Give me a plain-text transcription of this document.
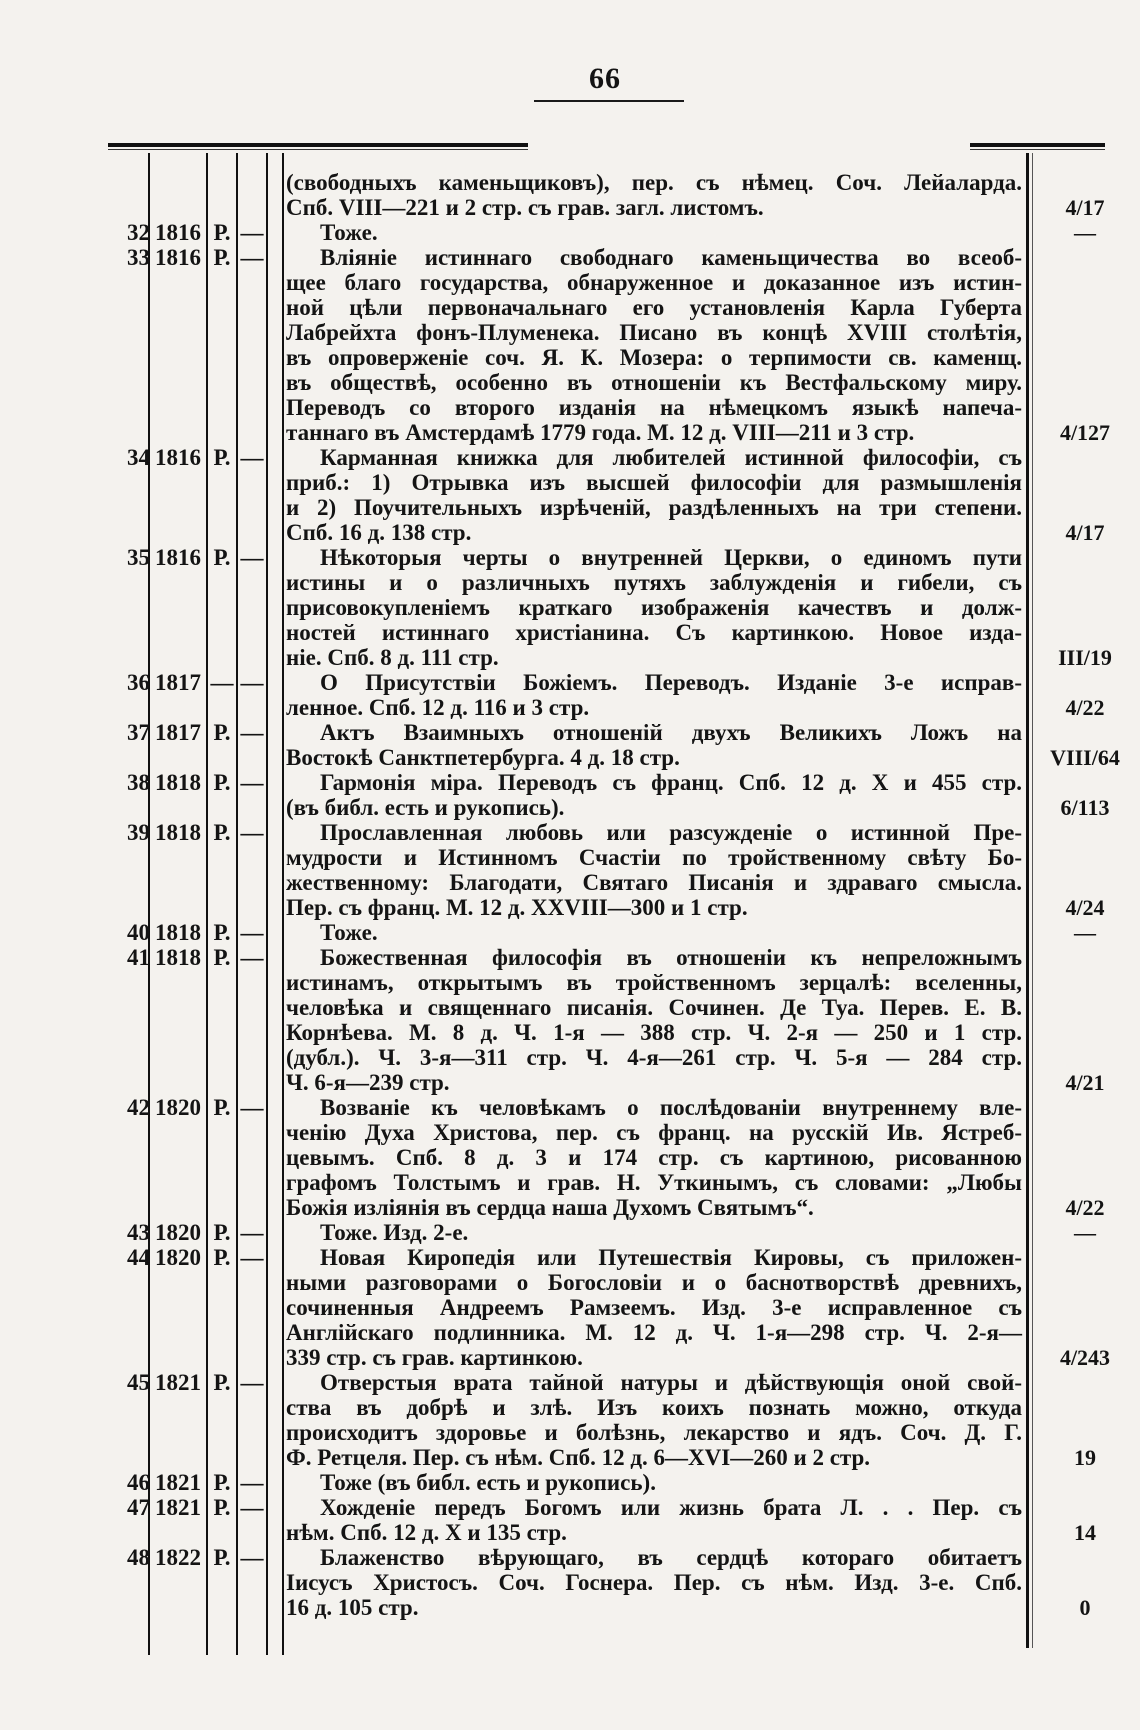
66
(свободныхъ каменьщиковъ), пер. съ нѣмец. Соч. Лейаларда.
Спб. VIII—221 и 2 стр. съ грав. загл. листомъ.	4/17
32 1816 Р. —	Тоже.	—
33 1816 Р. —	Вліяніе истиннаго свободнаго каменьщичества во всеоб-
щее благо государства, обнаруженное и доказанное изъ истин-
ной цѣли первоначальнаго его установленія Карла Губерта
Лабрейхта фонъ-Плуменека. Писано въ концѣ XVIII столѣтія,
въ опроверженіе соч. Я. К. Мозера: о терпимости св. каменщ.
въ обществѣ, особенно въ отношеніи къ Вестфальскому миру.
Переводъ со второго изданія на нѣмецкомъ языкѣ напеча-
таннаго въ Амстердамѣ 1779 года. М. 12 д. VIII—211 и 3 стр.	4/127
34 1816 Р. —	Карманная книжка для любителей истинной философіи, съ
приб.: 1) Отрывка изъ высшей философіи для размышленія
и 2) Поучительныхъ изрѣченій, раздѣленныхъ на три степени.
Спб. 16 д. 138 стр.	4/17
35 1816 Р. —	Нѣкоторыя черты о внутренней Церкви, о единомъ пути
истины и о различныхъ путяхъ заблужденія и гибели, съ
присовокупленіемъ краткаго изображенія качествъ и долж-
ностей истиннаго христіанина. Съ картинкою. Новое изда-
ніе. Спб. 8 д. 111 стр.	III/19
36 1817 — —	О Присутствіи Божіемъ. Переводъ. Изданіе 3-е исправ-
ленное. Спб. 12 д. 116 и 3 стр.	4/22
37 1817 Р. —	Актъ Взаимныхъ отношеній двухъ Великихъ Ложъ на
Востокѣ Санктпетербурга. 4 д. 18 стр.	VIII/64
38 1818 Р. —	Гармонія міра. Переводъ съ франц. Спб. 12 д. X и 455 стр.
(въ библ. есть и рукопись).	6/113
39 1818 Р. —	Прославленная любовь или разсужденіе о истинной Пре-
мудрости и Истинномъ Счастіи по тройственному свѣту Бо-
жественному: Благодати, Святаго Писанія и здраваго смысла.
Пер. съ франц. М. 12 д. XXVIII—300 и 1 стр.	4/24
40 1818 Р. —	Тоже.	—
41 1818 Р. —	Божественная философія въ отношеніи къ непреложнымъ
истинамъ, открытымъ въ тройственномъ зерцалѣ: вселенны,
человѣка и священнаго писанія. Сочинен. Де Туа. Перев. Е. В.
Корнѣева. М. 8 д. Ч. 1-я — 388 стр. Ч. 2-я — 250 и 1 стр.
(дубл.). Ч. 3-я—311 стр. Ч. 4-я—261 стр. Ч. 5-я — 284 стр.
Ч. 6-я—239 стр.	4/21
42 1820 Р. —	Возваніе къ человѣкамъ о послѣдованіи внутреннему вле-
ченію Духа Христова, пер. съ франц. на русскій Ив. Ястреб-
цевымъ. Спб. 8 д. 3 и 174 стр. съ картиною, рисованною
графомъ Толстымъ и грав. Н. Уткинымъ, съ словами: „Любы
Божія излiянія въ сердца наша Духомъ Святымъ“.	4/22
43 1820 Р. —	Тоже. Изд. 2-е.	—
44 1820 Р. —	Новая Киропедія или Путешествія Кировы, съ приложен-
ными разговорами о Богословіи и о баснотворствѣ древнихъ,
сочиненныя Андреемъ Рамзеемъ. Изд. 3-е исправленное съ
Англійскаго подлинника. М. 12 д. Ч. 1-я—298 стр. Ч. 2-я—
339 стр. съ грав. картинкою.	4/243
45 1821 Р. —	Отверстыя врата тайной натуры и дѣйствующія оной свой-
ства въ добрѣ и злѣ. Изъ коихъ познать можно, откуда
происходитъ здоровье и болѣзнь, лекарство и ядъ. Соч. Д. Г.
Ф. Ретцеля. Пер. съ нѣм. Спб. 12 д. 6—XVI—260 и 2 стр.	19
46 1821 Р. —	Тоже (въ библ. есть и рукопись).
47 1821 Р. —	Хожденіе передъ Богомъ или жизнь брата Л. . . Пер. съ
нѣм. Спб. 12 д. X и 135 стр.	14
48 1822 Р. —	Блаженство вѣрующаго, въ сердцѣ котораго обитаетъ
Іисусъ Христосъ. Соч. Госнера. Пер. съ нѣм. Изд. 3-е. Спб.
16 д. 105 стр.	0
